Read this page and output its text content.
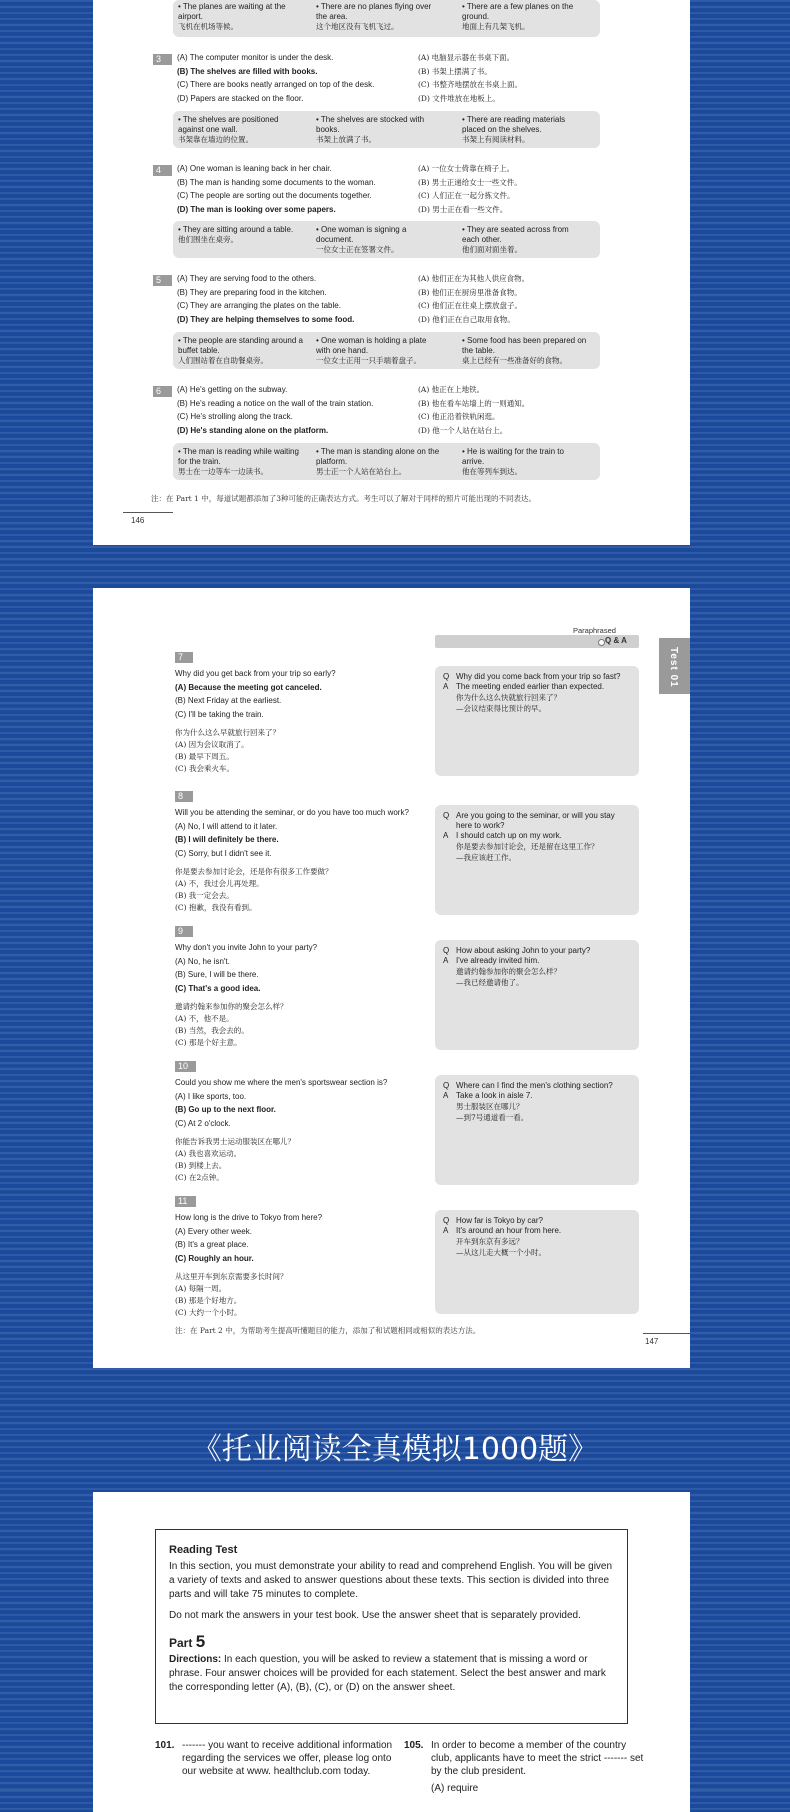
• The planes are waiting at the airport.
飞机在机场等候。
• There are no planes flying over the area.
这个地区没有飞机飞过。
• There are a few planes on the ground.
地面上有几架飞机。
3	(A) The computer monitor is under the desk.
(B) The shelves are filled with books.
(C) There are books neatly arranged on top of the desk.
(D) Papers are stacked on the floor.
(A) 电脑显示器在书桌下面。
(B) 书架上摆满了书。
(C) 书整齐地摆放在书桌上面。
(D) 文件堆放在地板上。
• The shelves are positioned against one wall.
书架靠在墙边的位置。
• The shelves are stocked with books.
书架上放满了书。
• There are reading materials placed on the shelves.
书架上有阅读材料。
4	(A) One woman is leaning back in her chair.
(B) The man is handing some documents to the woman.
(C) The people are sorting out the documents together.
(D) The man is looking over some papers.
(A) 一位女士倚靠在椅子上。
(B) 男士正递给女士一些文件。
(C) 人们正在一起分拣文件。
(D) 男士正在看一些文件。
• They are sitting around a table.
他们围坐在桌旁。
• One woman is signing a document.
一位女士正在签署文件。
• They are seated across from each other.
他们面对面坐着。
5	(A) They are serving food to the others.
(B) They are preparing food in the kitchen.
(C) They are arranging the plates on the table.
(D) They are helping themselves to some food.
(A) 他们正在为其他人供应食物。
(B) 他们正在厨房里准备食物。
(C) 他们正在往桌上摆放盘子。
(D) 他们正在自己取用食物。
• The people are standing around a buffet table.
人们围站着在自助餐桌旁。
• One woman is holding a plate with one hand.
一位女士正用一只手端着盘子。
• Some food has been prepared on the table.
桌上已经有一些准备好的食物。
6	(A) He's getting on the subway.
(B) He's reading a notice on the wall of the train station.
(C) He's strolling along the track.
(D) He's standing alone on the platform.
(A) 他正在上地铁。
(B) 他在看车站墙上的一则通知。
(C) 他正沿着铁轨闲逛。
(D) 他一个人站在站台上。
• The man is reading while waiting for the train.
男士在一边等车一边读书。
• The man is standing alone on the platform.
男士正一个人站在站台上。
• He is waiting for the train to arrive.
他在等列车到达。
注：在 Part 1 中，每道试题都添加了3种可能的正确表达方式。考生可以了解对于同样的照片可能出现的不同表达。
146
Paraphrased
Q & A
Test 01
7
Why did you get back from your trip so early?
(A) Because the meeting got canceled.
(B) Next Friday at the earliest.
(C) I'll be taking the train.
你为什么这么早就旅行回来了？
(A) 因为会议取消了。
(B) 最早下周五。
(C) 我会乘火车。
Q Why did you come back from your trip so fast?
A The meeting ended earlier than expected.
你为什么这么快就旅行回来了？
—会议结束得比预计的早。
8
Will you be attending the seminar, or do you have too much work?
(A) No, I will attend to it later.
(B) I will definitely be there.
(C) Sorry, but I didn't see it.
你是要去参加讨论会，还是你有很多工作要做？
(A) 不，我过会儿再处理。
(B) 我一定会去。
(C) 抱歉，我没有看到。
Q Are you going to the seminar, or will you stay here to work?
A I should catch up on my work.
你是要去参加讨论会，还是留在这里工作？
—我应该赶工作。
9
Why don't you invite John to your party?
(A) No, he isn't.
(B) Sure, I will be there.
(C) That's a good idea.
邀请约翰来参加你的聚会怎么样？
(A) 不，他不是。
(B) 当然，我会去的。
(C) 那是个好主意。
Q How about asking John to your party?
A I've already invited him.
邀请约翰参加你的聚会怎么样？
—我已经邀请他了。
10
Could you show me where the men's sportswear section is?
(A) I like sports, too.
(B) Go up to the next floor.
(C) At 2 o'clock.
你能告诉我男士运动服装区在哪儿？
(A) 我也喜欢运动。
(B) 到楼上去。
(C) 在2点钟。
Q Where can I find the men's clothing section?
A Take a look in aisle 7.
男士服装区在哪儿？
—到7号通道看一看。
11
How long is the drive to Tokyo from here?
(A) Every other week.
(B) It's a great place.
(C) Roughly an hour.
从这里开车到东京需要多长时间？
(A) 每隔一周。
(B) 那是个好地方。
(C) 大约一个小时。
Q How far is Tokyo by car?
A It's around an hour from here.
开车到东京有多远？
—从这儿走大概一个小时。
注：在 Part 2 中，为帮助考生提高听懂题目的能力，添加了和试题相同或相似的表达方法。
147
《托业阅读全真模拟1000题》
Reading Test

In this section, you must demonstrate your ability to read and comprehend English. You will be given a variety of texts and asked to answer questions about these texts. This section is divided into three parts and will take 75 minutes to complete.

Do not mark the answers in your test book. Use the answer sheet that is separately provided.

Part 5

Directions: In each question, you will be asked to review a statement that is missing a word or phrase. Four answer choices will be provided for each statement. Select the best answer and mark the corresponding letter (A), (B), (C), or (D) on the answer sheet.

101. ------- you want to receive additional information regarding the services we offer, please log onto our website at www. healthclub.com today.
105. In order to become a member of the country club, applicants have to meet the strict ------- set by the club president.
(A) require
